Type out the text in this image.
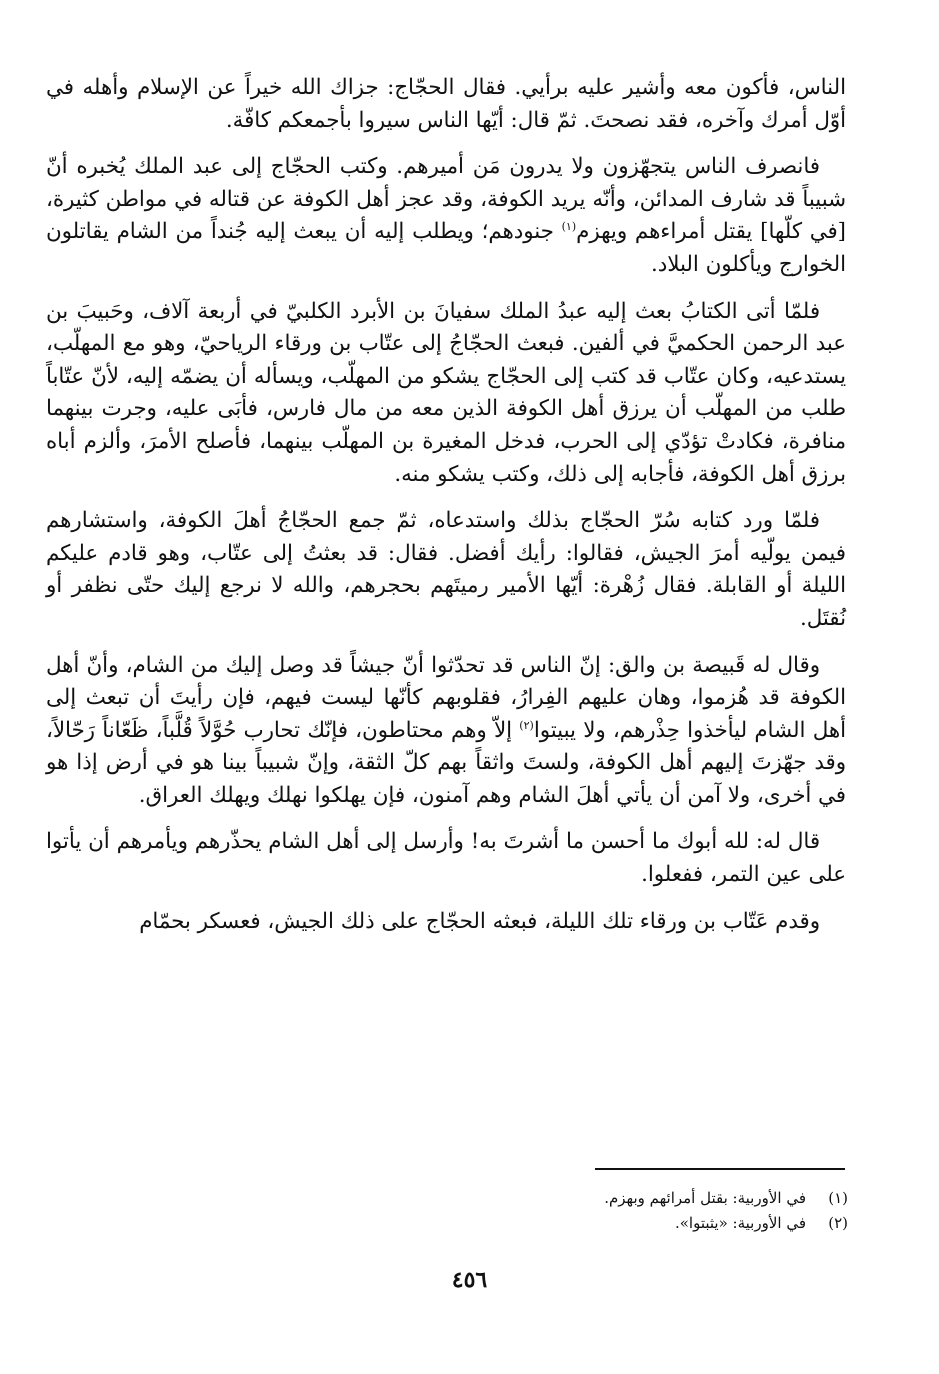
الناس، فأكون معه وأشير عليه برأيي. فقال الحجّاج: جزاك الله خيراً عن الإسلام وأهله في أوّل أمرك وآخره، فقد نصحتَ. ثمّ قال: أيّها الناس سيروا بأجمعكم كافّة.

فانصرف الناس يتجهّزون ولا يدرون مَن أميرهم. وكتب الحجّاج إلى عبد الملك يُخبره أنّ شبيباً قد شارف المدائن، وأنّه يريد الكوفة، وقد عجز أهل الكوفة عن قتاله في مواطن كثيرة، [في كلّها] يقتل أمراءهم ويهزم$^{(١)}$ جنودهم؛ ويطلب إليه أن يبعث إليه جُنداً من الشام يقاتلون الخوارج ويأكلون البلاد.

فلمّا أتى الكتابُ بعث إليه عبدُ الملك سفيانَ بن الأبرد الكلبيّ في أربعة آلاف، وحَبيبَ بن عبد الرحمن الحكميَّ في ألفين. فبعث الحجّاجُ إلى عتّاب بن ورقاء الرياحيّ، وهو مع المهلّب، يستدعيه، وكان عتّاب قد كتب إلى الحجّاج يشكو من المهلّب، ويسأله أن يضمّه إليه، لأنّ عتّاباً طلب من المهلّب أن يرزق أهل الكوفة الذين معه من مال فارس، فأبَى عليه، وجرت بينهما منافرة، فكادتْ تؤدّي إلى الحرب، فدخل المغيرة بن المهلّب بينهما، فأصلح الأمرَ، وألزم أباه برزق أهل الكوفة، فأجابه إلى ذلك، وكتب يشكو منه.

فلمّا ورد كتابه سُرّ الحجّاج بذلك واستدعاه، ثمّ جمع الحجّاجُ أهلَ الكوفة، واستشارهم فيمن يولّيه أمرَ الجيش، فقالوا: رأيك أفضل. فقال: قد بعثتُ إلى عتّاب، وهو قادم عليكم الليلة أو القابلة. فقال زُهْرة: أيّها الأمير رميتَهم بحجرهم، والله لا نرجع إليك حتّى نظفر أو نُقتَل.

وقال له قَبيصة بن والق: إنّ الناس قد تحدّثوا أنّ جيشاً قد وصل إليك من الشام، وأنّ أهل الكوفة قد هُزموا، وهان عليهم الفِرارُ، فقلوبهم كأنّها ليست فيهم، فإن رأيتَ أن تبعث إلى أهل الشام ليأخذوا حِذْرهم، ولا يبيتوا$^{(٢)}$ إلاّ وهم محتاطون، فإنّك تحارب حُوَّلاً قُلَّباً، ظَعّاناً رَحّالاً، وقد جهّزتَ إليهم أهل الكوفة، ولستَ واثقاً بهم كلّ الثقة، وإنّ شبيباً بينا هو في أرض إذا هو في أخرى، ولا آمن أن يأتي أهلَ الشام وهم آمنون، فإن يهلكوا نهلك ويهلك العراق.

قال له: لله أبوك ما أحسن ما أشرتَ به! وأرسل إلى أهل الشام يحذّرهم ويأمرهم أن يأتوا على عين التمر، ففعلوا.

وقدم عَتّاب بن ورقاء تلك الليلة، فبعثه الحجّاج على ذلك الجيش، فعسكر بحمّام

(١)في الأوربية: بقتل أمرائهم وبهزم.
(٢)في الأوربية: «يثبتوا».
٤٥٦
